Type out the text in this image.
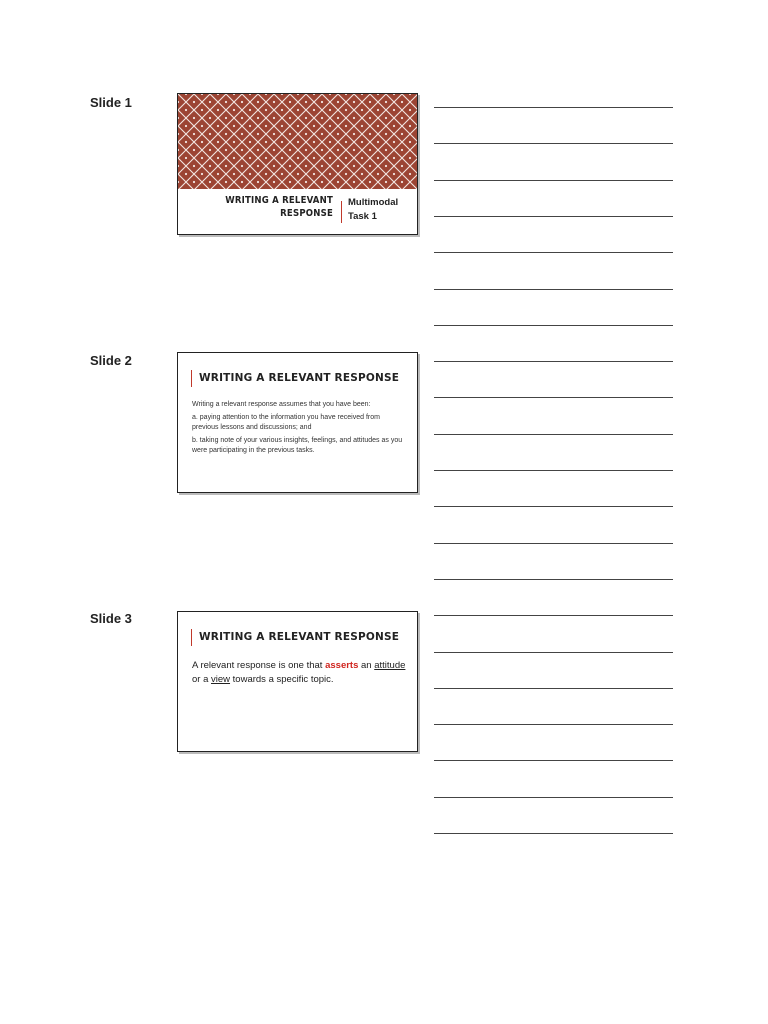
Slide 1
WRITING A RELEVANT
RESPONSE
Multimodal
Task 1
Slide 2
WRITING A RELEVANT RESPONSE

Writing a relevant response assumes that you have been:

a. paying attention to the information you have received from previous lessons and discussions; and

b. taking note of your various insights, feelings, and attitudes as you were participating in the previous tasks.

Slide 3
WRITING A RELEVANT RESPONSE
A relevant response is one that asserts an attitude or a view towards a specific topic.
